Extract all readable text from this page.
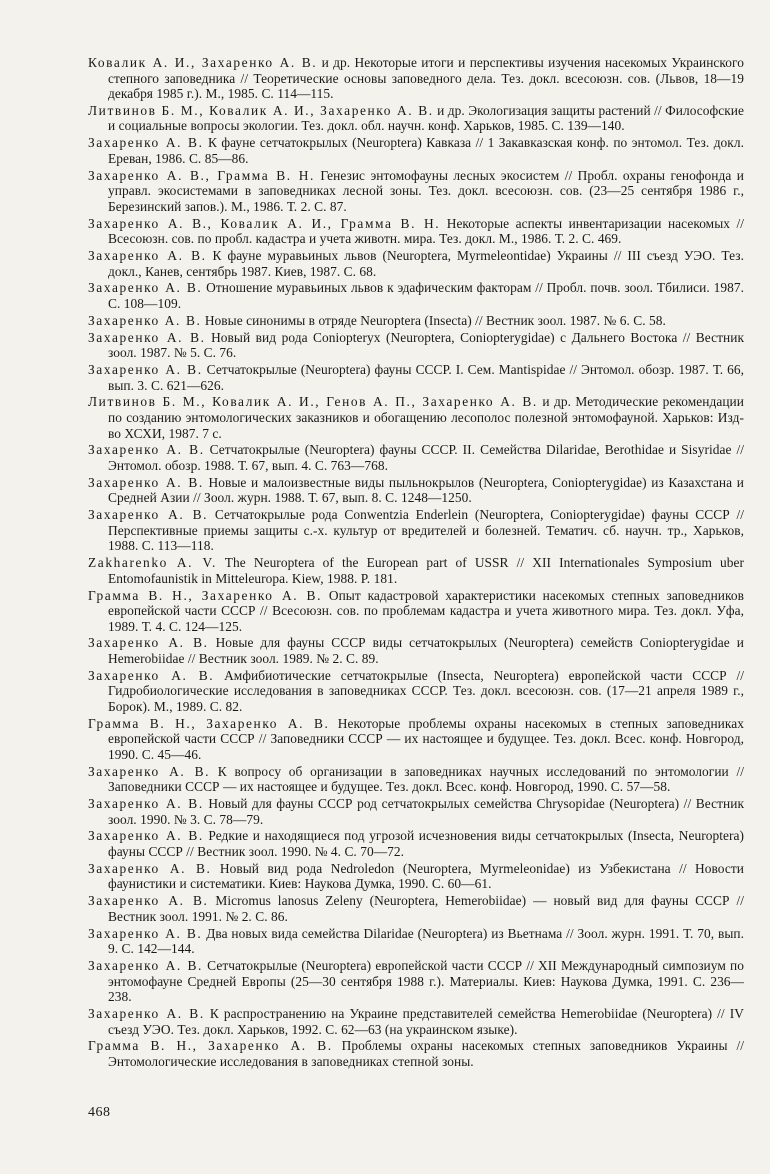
Ковалик А. И., Захаренко А. В. и др. Некоторые итоги и перспективы изучения насекомых Украинского степного заповедника // Теоретические основы заповедного дела. Тез. докл. всесоюзн. сов. (Львов, 18—19 декабря 1985 г.). М., 1985. С. 114—115.
Литвинов Б. М., Ковалик А. И., Захаренко А. В. и др. Экологизация защиты растений // Философские и социальные вопросы экологии. Тез. докл. обл. научн. конф. Харьков, 1985. С. 139—140.
Захаренко А. В. К фауне сетчатокрылых (Neuroptera) Кавказа // 1 Закавказская конф. по энтомол. Тез. докл. Ереван, 1986. С. 85—86.
Захаренко А. В., Грамма В. Н. Генезис энтомофауны лесных экосистем // Пробл. охраны генофонда и управл. экосистемами в заповедниках лесной зоны. Тез. докл. всесоюзн. сов. (23—25 сентября 1986 г., Березинский запов.). М., 1986. Т. 2. С. 87.
Захаренко А. В., Ковалик А. И., Грамма В. Н. Некоторые аспекты инвентаризации насекомых // Всесоюзн. сов. по пробл. кадастра и учета животн. мира. Тез. докл. М., 1986. Т. 2. С. 469.
Захаренко А. В. К фауне муравьиных львов (Neuroptera, Myrmeleontidae) Украины // III съезд УЭО. Тез. докл., Канев, сентябрь 1987. Киев, 1987. С. 68.
Захаренко А. В. Отношение муравьиных львов к эдафическим факторам // Пробл. почв. зоол. Тбилиси. 1987. С. 108—109.
Захаренко А. В. Новые синонимы в отряде Neuroptera (Insecta) // Вестник зоол. 1987. № 6. С. 58.
Захаренко А. В. Новый вид рода Coniopteryx (Neuroptera, Coniopterygidae) с Дальнего Востока // Вестник зоол. 1987. № 5. С. 76.
Захаренко А. В. Сетчатокрылые (Neuroptera) фауны СССР. I. Сем. Mantispidae // Энтомол. обозр. 1987. Т. 66, вып. 3. С. 621—626.
Литвинов Б. М., Ковалик А. И., Генов А. П., Захаренко А. В. и др. Методические рекомендации по созданию энтомологических заказников и обогащению лесополос полезной энтомофауной. Харьков: Изд-во ХСХИ, 1987. 7 с.
Захаренко А. В. Сетчатокрылые (Neuroptera) фауны СССР. II. Семейства Dilaridae, Berothidae и Sisyridae // Энтомол. обозр. 1988. Т. 67, вып. 4. С. 763—768.
Захаренко А. В. Новые и малоизвестные виды пыльнокрылов (Neuroptera, Coniopterygidae) из Казахстана и Средней Азии // Зоол. журн. 1988. Т. 67, вып. 8. С. 1248—1250.
Захаренко А. В. Сетчатокрылые рода Conwentzia Enderlein (Neuroptera, Coniopterygidae) фауны СССР // Перспективные приемы защиты с.-х. культур от вредителей и болезней. Тематич. сб. научн. тр., Харьков, 1988. С. 113—118.
Zakharenko A. V. The Neuroptera of the European part of USSR // XII Internationales Symposium uber Entomofaunistik in Mitteleuropa. Kiew, 1988. P. 181.
Грамма В. Н., Захаренко А. В. Опыт кадастровой характеристики насекомых степных заповедников европейской части СССР // Всесоюзн. сов. по проблемам кадастра и учета животного мира. Тез. докл. Уфа, 1989. Т. 4. С. 124—125.
Захаренко А. В. Новые для фауны СССР виды сетчатокрылых (Neuroptera) семейств Coniopterygidae и Hemerobiidae // Вестник зоол. 1989. № 2. С. 89.
Захаренко А. В. Амфибиотические сетчатокрылые (Insecta, Neuroptera) европейской части СССР // Гидробиологические исследования в заповедниках СССР. Тез. докл. всесоюзн. сов. (17—21 апреля 1989 г., Борок). М., 1989. С. 82.
Грамма В. Н., Захаренко А. В. Некоторые проблемы охраны насекомых в степных заповедниках европейской части СССР // Заповедники СССР — их настоящее и будущее. Тез. докл. Всес. конф. Новгород, 1990. С. 45—46.
Захаренко А. В. К вопросу об организации в заповедниках научных исследований по энтомологии // Заповедники СССР — их настоящее и будущее. Тез. докл. Всес. конф. Новгород, 1990. С. 57—58.
Захаренко А. В. Новый для фауны СССР род сетчатокрылых семейства Chrysopidae (Neuroptera) // Вестник зоол. 1990. № 3. С. 78—79.
Захаренко А. В. Редкие и находящиеся под угрозой исчезновения виды сетчатокрылых (Insecta, Neuroptera) фауны СССР // Вестник зоол. 1990. № 4. С. 70—72.
Захаренко А. В. Новый вид рода Nedroledon (Neuroptera, Myrmeleonidae) из Узбекистана // Новости фаунистики и систематики. Киев: Наукова Думка, 1990. С. 60—61.
Захаренко А. В. Micromus lanosus Zeleny (Neuroptera, Hemerobiidae) — новый вид для фауны СССР // Вестник зоол. 1991. № 2. С. 86.
Захаренко А. В. Два новых вида семейства Dilaridae (Neuroptera) из Вьетнама // Зоол. журн. 1991. Т. 70, вып. 9. С. 142—144.
Захаренко А. В. Сетчатокрылые (Neuroptera) европейской части СССР // XII Международный симпозиум по энтомофауне Средней Европы (25—30 сентября 1988 г.). Материалы. Киев: Наукова Думка, 1991. С. 236—238.
Захаренко А. В. К распространению на Украине представителей семейства Hemerobiidae (Neuroptera) // IV съезд УЭО. Тез. докл. Харьков, 1992. С. 62—63 (на украинском языке).
Грамма В. Н., Захаренко А. В. Проблемы охраны насекомых степных заповедников Украины // Энтомологические исследования в заповедниках степной зоны.
468
